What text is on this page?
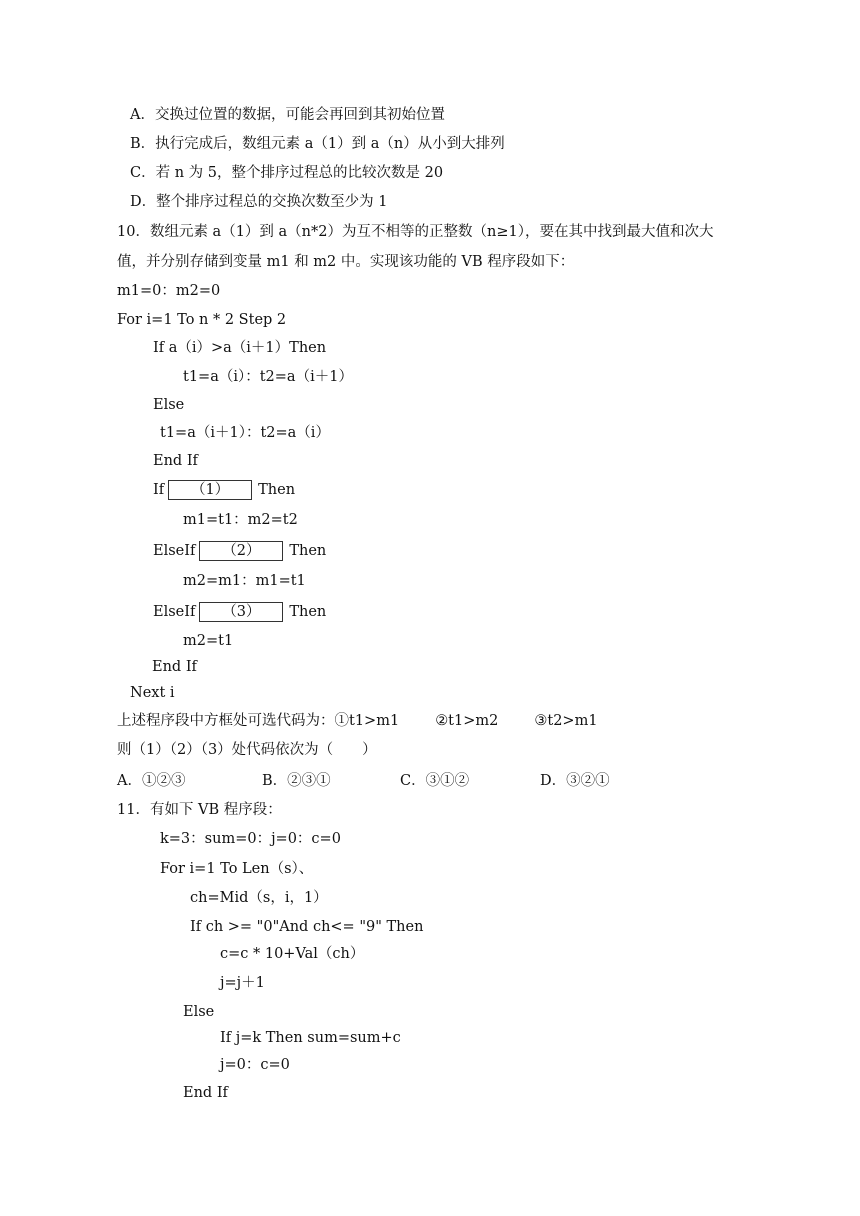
A．交换过位置的数据，可能会再回到其初始位置
B．执行完成后，数组元素 a（1）到 a（n）从小到大排列
C．若 n 为 5，整个排序过程总的比较次数是 20
D．整个排序过程总的交换次数至少为 1
10．数组元素 a（1）到 a（n*2）为互不相等的正整数（n≥1），要在其中找到最大值和次大
值，并分别存储到变量 m1 和 m2 中。实现该功能的 VB 程序段如下：
m1=0：m2=0
For i=1 To n * 2 Step 2
If a（i）>a（i＋1）Then
t1=a（i）：t2=a（i＋1）
Else
t1=a（i＋1）：t2=a（i）
End If
If （1） Then
m1=t1：m2=t2
ElseIf （2） Then
m2=m1：m1=t1
ElseIf （3） Then
m2=t1
End If
Next i
上述程序段中方框处可选代码为：①t1>m1 ②t1>m2 ③t2>m1
则（1）（2）（3）处代码依次为（　　）
A．①②③	B．②③①	C．③①②	D．③②①
11．有如下 VB 程序段：
k=3：sum=0：j=0：c=0
For i=1 To Len（s）、
ch=Mid（s，i，1）
If ch >= "0"And ch<= "9" Then
c=c * 10+Val（ch）
j=j＋1
Else
If j=k Then sum=sum+c
j=0：c=0
End If
